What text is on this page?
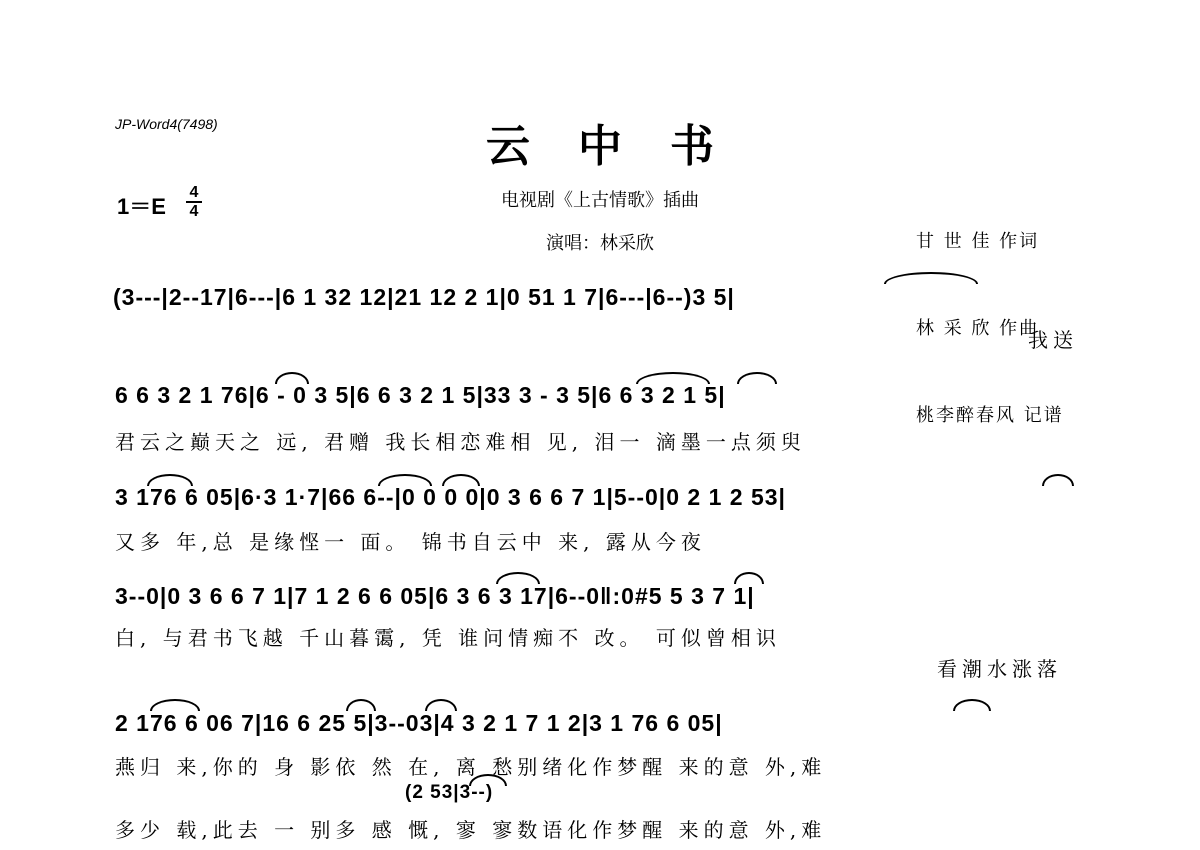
JP-Word4(7498)	云中书
电视剧《上古情歌》插曲
演唱：林采欣
1＝E
4
4

甘 世 佳 作词

林 采 欣 作曲

桃李醉春风 记谱

(3---|2--17|6---|6 1 32 12|21 12 2 1|0 51 1 7|6---|6--)3 5|
我送
6 6 3 2 1 76|6 - 0 3 5|6 6 3 2 1 5|33 3 - 3 5|6 6 3 2 1 5|
君云之巅天之 远, 君赠 我长相恋难相 见, 泪一 滴墨一点须臾
3 176 6 05|6·3 1·7|66 6--|0 0 0 0|0 3 6 6 7 1|5--0|0 2 1 2 53|
又多 年,总 是缘悭一 面。 锦书自云中 来, 露从今夜
3--0|0 3 6 6 7 1|7 1 2 6 6 05|6 3 6 3 17|6--0‖:0#5 5 3 7 1|
白, 与君书飞越 千山暮霭, 凭 谁问情痴不 改。 可似曾相识
看潮水涨落
2 176 6 06 7|16 6 25 5|3--03|4 3 2 1 7 1 2|3 1 76 6 05|
燕归 来,你的 身 影依 然 在, 离 愁别绪化作梦醒 来的意 外,难
(2 53|3--)
多少 载,此去 一 别多 感 慨, 寥 寥数语化作梦醒 来的意 外,难
